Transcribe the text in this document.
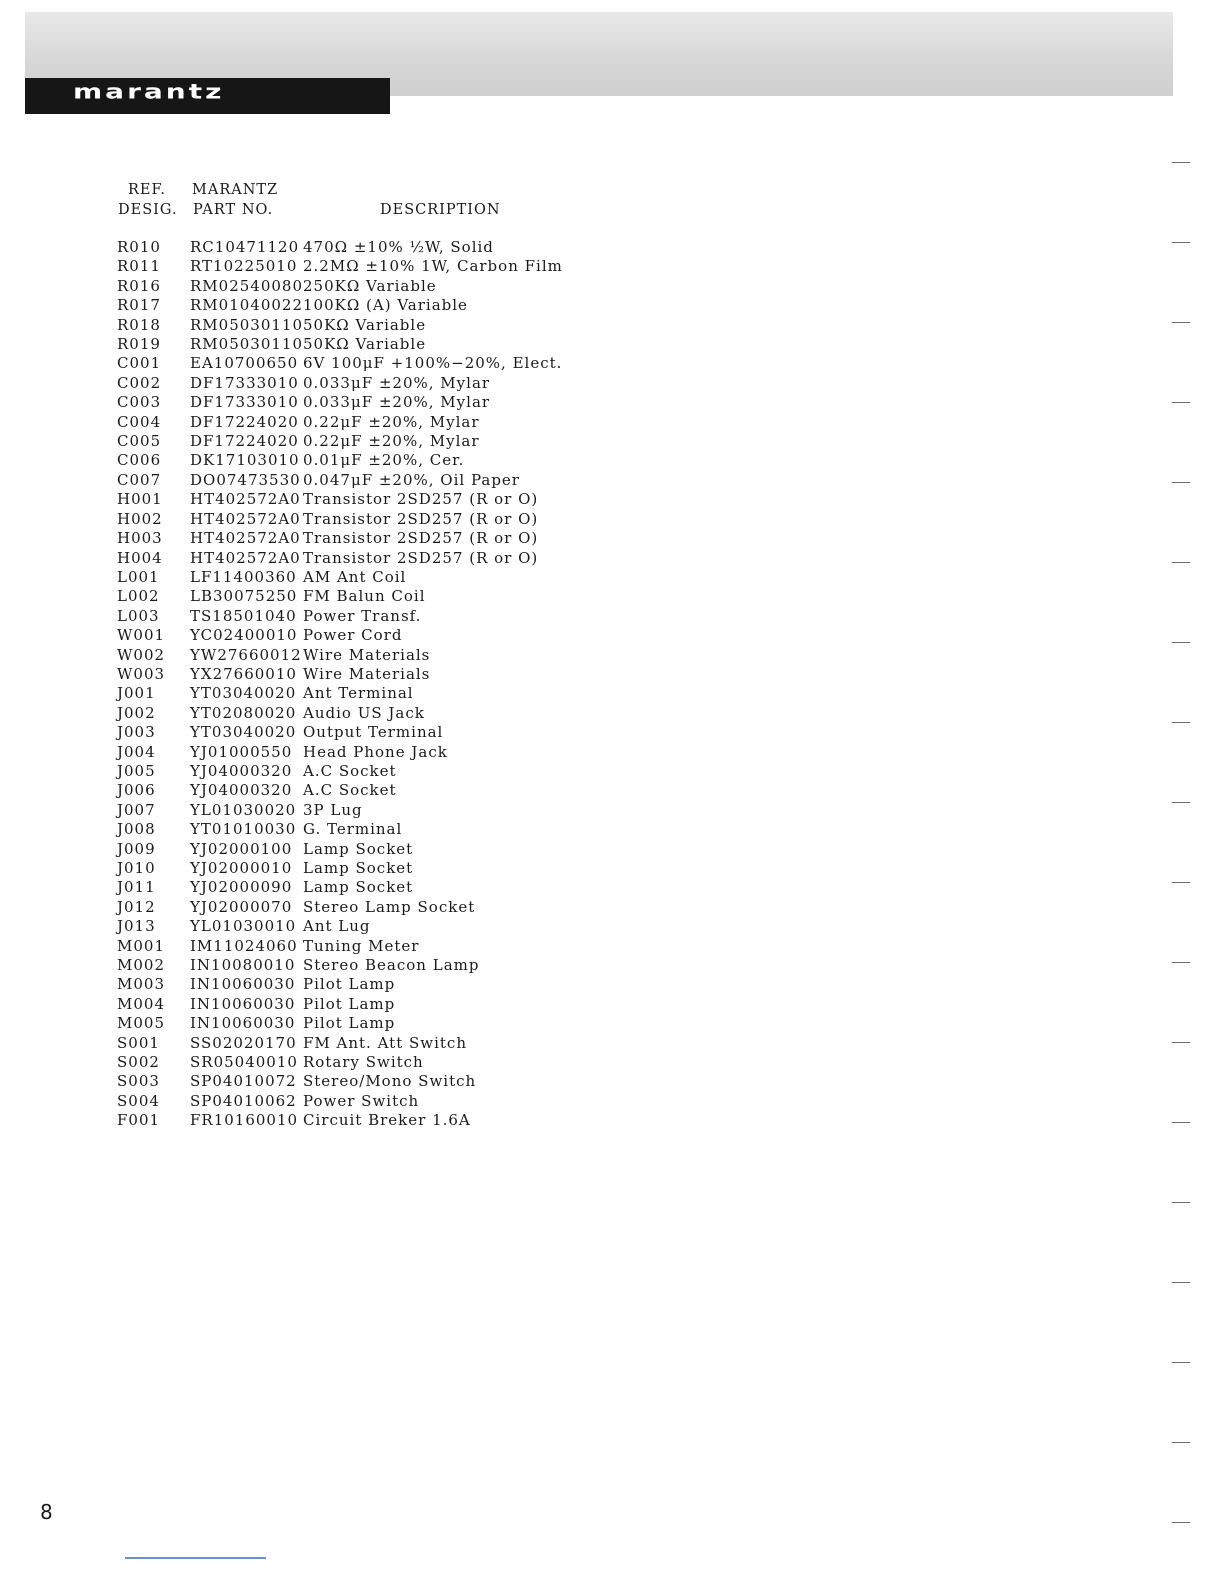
marantz
REF.
DESIG.
MARANTZ
PART NO.	DESCRIPTION
R010 RC10471120 470Ω ±10% ½W, Solid
R011 RT10225010 2.2MΩ ±10% 1W, Carbon Film
R016 RM02540080 250KΩ Variable
R017 RM01040022 100KΩ (A) Variable
R018 RM05030110 50KΩ Variable
R019 RM05030110 50KΩ Variable
C001 EA10700650 6V 100μF +100%−20%, Elect.
C002 DF17333010 0.033μF ±20%, Mylar
C003 DF17333010 0.033μF ±20%, Mylar
C004 DF17224020 0.22μF ±20%, Mylar
C005 DF17224020 0.22μF ±20%, Mylar
C006 DK17103010 0.01μF ±20%, Cer.
C007 DO07473530 0.047μF ±20%, Oil Paper
H001 HT402572A0 Transistor 2SD257 (R or O)
H002 HT402572A0 Transistor 2SD257 (R or O)
H003 HT402572A0 Transistor 2SD257 (R or O)
H004 HT402572A0 Transistor 2SD257 (R or O)
L001 LF11400360 AM Ant Coil
L002 LB30075250 FM Balun Coil
L003 TS18501040 Power Transf.
W001 YC02400010 Power Cord
W002 YW27660012 Wire Materials
W003 YX27660010 Wire Materials
J001 YT03040020 Ant Terminal
J002 YT02080020 Audio US Jack
J003 YT03040020 Output Terminal
J004 YJ01000550 Head Phone Jack
J005 YJ04000320 A.C Socket
J006 YJ04000320 A.C Socket
J007 YL01030020 3P Lug
J008 YT01010030 G. Terminal
J009 YJ02000100 Lamp Socket
J010 YJ02000010 Lamp Socket
J011 YJ02000090 Lamp Socket
J012 YJ02000070 Stereo Lamp Socket
J013 YL01030010 Ant Lug
M001 IM11024060 Tuning Meter
M002 IN10080010 Stereo Beacon Lamp
M003 IN10060030 Pilot Lamp
M004 IN10060030 Pilot Lamp
M005 IN10060030 Pilot Lamp
S001 SS02020170 FM Ant. Att Switch
S002 SR05040010 Rotary Switch
S003 SP04010072 Stereo/Mono Switch
S004 SP04010062 Power Switch
F001 FR10160010 Circuit Breker 1.6A
8
